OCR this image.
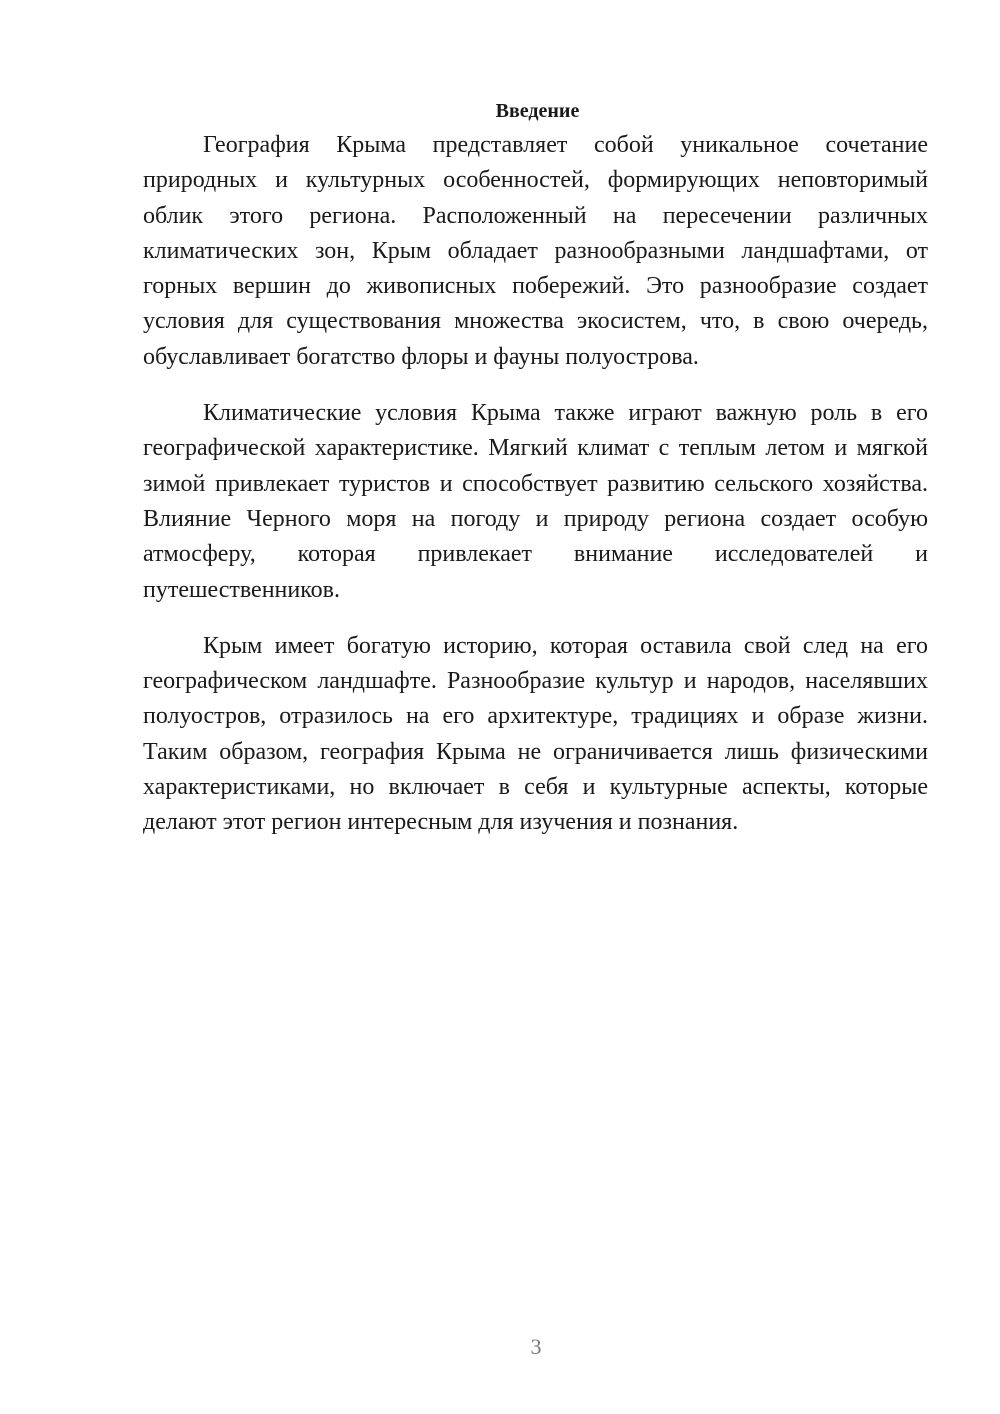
Введение

География Крыма представляет собой уникальное сочетание природных и культурных особенностей, формирующих неповторимый облик этого региона. Расположенный на пересечении различных климатических зон, Крым обладает разнообразными ландшафтами, от горных вершин до живописных побережий. Это разнообразие создает условия для существования множества экосистем, что, в свою очередь, обуславливает богатство флоры и фауны полуострова.

Климатические условия Крыма также играют важную роль в его географической характеристике. Мягкий климат с теплым летом и мягкой зимой привлекает туристов и способствует развитию сельского хозяйства. Влияние Черного моря на погоду и природу региона создает особую атмосферу, которая привлекает внимание исследователей и путешественников.

Крым имеет богатую историю, которая оставила свой след на его географическом ландшафте. Разнообразие культур и народов, населявших полуостров, отразилось на его архитектуре, традициях и образе жизни. Таким образом, география Крыма не ограничивается лишь физическими характеристиками, но включает в себя и культурные аспекты, которые делают этот регион интересным для изучения и познания.

3
